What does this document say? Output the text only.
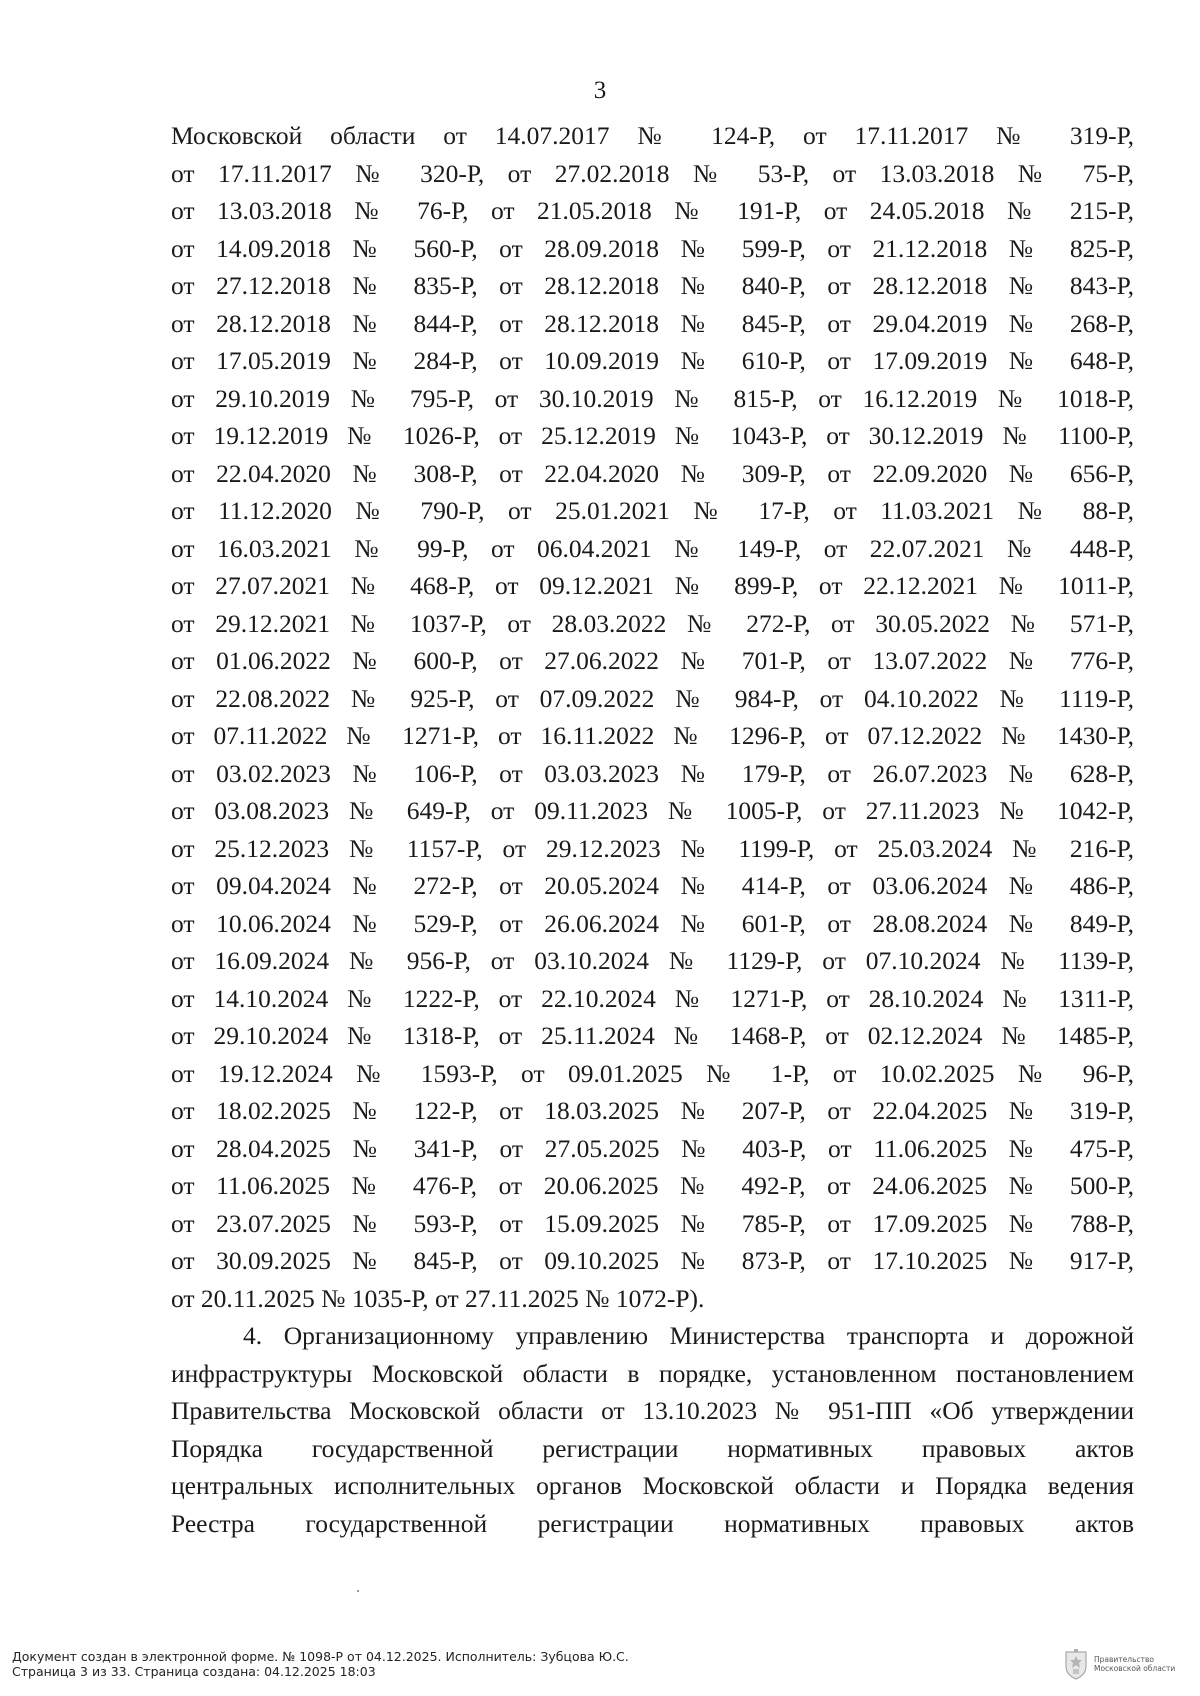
3

Московской области от 14.07.2017 № 124-Р, от 17.11.2017 № 319-Р,
от 17.11.2017 № 320-Р, от 27.02.2018 № 53-Р, от 13.03.2018 № 75-Р,
от 13.03.2018 № 76-Р, от 21.05.2018 № 191-Р, от 24.05.2018 № 215-Р,
от 14.09.2018 № 560-Р, от 28.09.2018 № 599-Р, от 21.12.2018 № 825-Р,
от 27.12.2018 № 835-Р, от 28.12.2018 № 840-Р, от 28.12.2018 № 843-Р,
от 28.12.2018 № 844-Р, от 28.12.2018 № 845-Р, от 29.04.2019 № 268-Р,
от 17.05.2019 № 284-Р, от 10.09.2019 № 610-Р, от 17.09.2019 № 648-Р,
от 29.10.2019 № 795-Р, от 30.10.2019 № 815-Р, от 16.12.2019 № 1018-Р,
от 19.12.2019 № 1026-Р, от 25.12.2019 № 1043-Р, от 30.12.2019 № 1100-Р,
от 22.04.2020 № 308-Р, от 22.04.2020 № 309-Р, от 22.09.2020 № 656-Р,
от 11.12.2020 № 790-Р, от 25.01.2021 № 17-Р, от 11.03.2021 № 88-Р,
от 16.03.2021 № 99-Р, от 06.04.2021 № 149-Р, от 22.07.2021 № 448-Р,
от 27.07.2021 № 468-Р, от 09.12.2021 № 899-Р, от 22.12.2021 № 1011-Р,
от 29.12.2021 № 1037-Р, от 28.03.2022 № 272-Р, от 30.05.2022 № 571-Р,
от 01.06.2022 № 600-Р, от 27.06.2022 № 701-Р, от 13.07.2022 № 776-Р,
от 22.08.2022 № 925-Р, от 07.09.2022 № 984-Р, от 04.10.2022 № 1119-Р,
от 07.11.2022 № 1271-Р, от 16.11.2022 № 1296-Р, от 07.12.2022 № 1430-Р,
от 03.02.2023 № 106-Р, от 03.03.2023 № 179-Р, от 26.07.2023 № 628-Р,
от 03.08.2023 № 649-Р, от 09.11.2023 № 1005-Р, от 27.11.2023 № 1042-Р,
от 25.12.2023 № 1157-Р, от 29.12.2023 № 1199-Р, от 25.03.2024 № 216-Р,
от 09.04.2024 № 272-Р, от 20.05.2024 № 414-Р, от 03.06.2024 № 486-Р,
от 10.06.2024 № 529-Р, от 26.06.2024 № 601-Р, от 28.08.2024 № 849-Р,
от 16.09.2024 № 956-Р, от 03.10.2024 № 1129-Р, от 07.10.2024 № 1139-Р,
от 14.10.2024 № 1222-Р, от 22.10.2024 № 1271-Р, от 28.10.2024 № 1311-Р,
от 29.10.2024 № 1318-Р, от 25.11.2024 № 1468-Р, от 02.12.2024 № 1485-Р,
от 19.12.2024 № 1593-Р, от 09.01.2025 № 1-Р, от 10.02.2025 № 96-Р,
от 18.02.2025 № 122-Р, от 18.03.2025 № 207-Р, от 22.04.2025 № 319-Р,
от 28.04.2025 № 341-Р, от 27.05.2025 № 403-Р, от 11.06.2025 № 475-Р,
от 11.06.2025 № 476-Р, от 20.06.2025 № 492-Р, от 24.06.2025 № 500-Р,
от 23.07.2025 № 593-Р, от 15.09.2025 № 785-Р, от 17.09.2025 № 788-Р,
от 30.09.2025 № 845-Р, от 09.10.2025 № 873-Р, от 17.10.2025 № 917-Р,
от 20.11.2025 № 1035-Р, от 27.11.2025 № 1072-Р).

4. Организационному управлению Министерства транспорта и дорожной
инфраструктуры Московской области в порядке, установленном постановлением
Правительства Московской области от 13.10.2023 № 951-ПП «Об утверждении
Порядка государственной регистрации нормативных правовых актов
центральных исполнительных органов Московской области и Порядка ведения
Реестра государственной регистрации нормативных правовых актов

Документ создан в электронной форме. № 1098-Р от 04.12.2025. Исполнитель: Зубцова Ю.С.
Страница 3 из 33. Страница создана: 04.12.2025 18:03
Правительство
Московской области
